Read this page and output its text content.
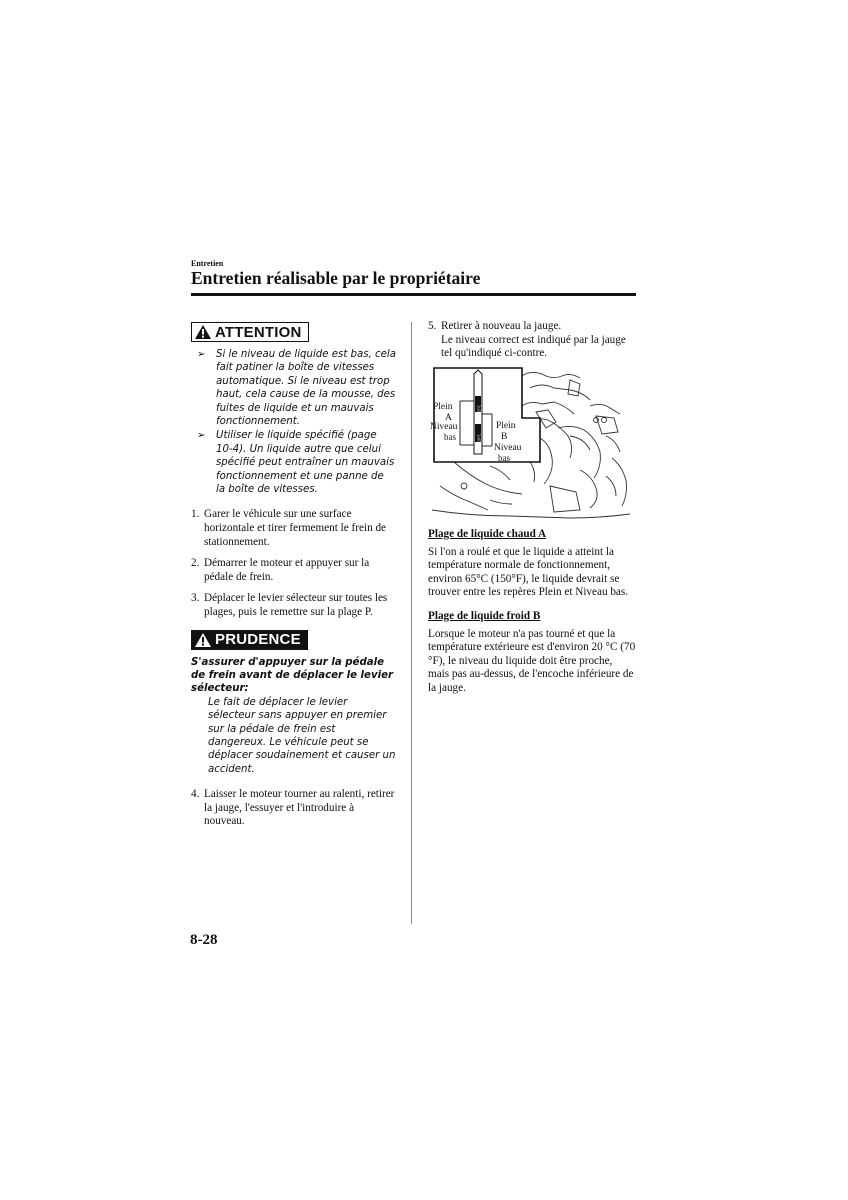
Entretien
Entretien réalisable par le propriétaire
ATTENTION
➢ Si le niveau de liquide est bas, cela fait patiner la boîte de vitesses automatique. Si le niveau est trop haut, cela cause de la mousse, des fuites de liquide et un mauvais fonctionnement.
➢ Utiliser le liquide spécifié (page 10-4). Un liquide autre que celui spécifié peut entraîner un mauvais fonctionnement et une panne de la boîte de vitesses.
1. Garer le véhicule sur une surface horizontale et tirer fermement le frein de stationnement.
2. Démarrer le moteur et appuyer sur la pédale de frein.
3. Déplacer le levier sélecteur sur toutes les plages, puis le remettre sur la plage P.
PRUDENCE
S'assurer d'appuyer sur la pédale de frein avant de déplacer le levier sélecteur:
Le fait de déplacer le levier sélecteur sans appuyer en premier sur la pédale de frein est dangereux. Le véhicule peut se déplacer soudainement et causer un accident.
4. Laisser le moteur tourner au ralenti, retirer la jauge, l'essuyer et l'introduire à nouveau.
5. Retirer à nouveau la jauge.
Le niveau correct est indiqué par la jauge tel qu'indiqué ci-contre.
65°C
20°C
Plein
A
Niveau
bas
Plein
B
Niveau
bas
Plage de liquide chaud A
Si l'on a roulé et que le liquide a atteint la température normale de fonctionnement, environ 65°C (150°F), le liquide devrait se trouver entre les repères Plein et Niveau bas.
Plage de liquide froid B
Lorsque le moteur n'a pas tourné et que la température extérieure est d'environ 20 °C (70 °F), le niveau du liquide doit être proche, mais pas au-dessus, de l'encoche inférieure de la jauge.
8-28
